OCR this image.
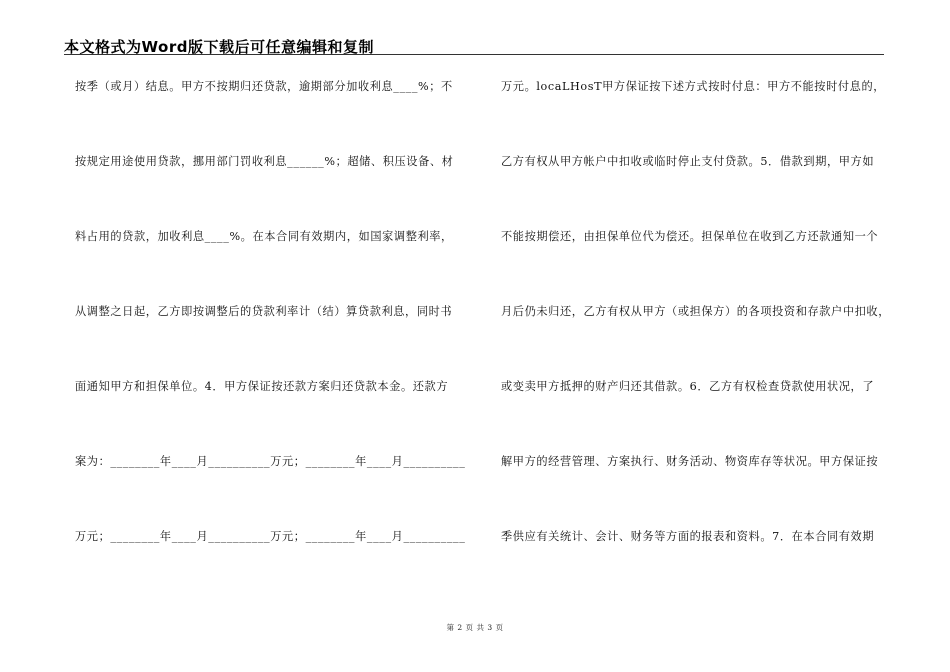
本文格式为Word版下载后可任意编辑和复制
按季（或月）结息。甲方不按期归还贷款，逾期部分加收利息____%；不
按规定用途使用贷款，挪用部门罚收利息______%；超储、积压设备、材
料占用的贷款，加收利息____%。在本合同有效期内，如国家调整利率，
从调整之日起，乙方即按调整后的贷款利率计（结）算贷款利息，同时书
面通知甲方和担保单位。4．甲方保证按还款方案归还贷款本金。还款方
案为：________年____月__________万元；________年____月__________
万元；________年____月__________万元；________年____月__________
万元。locaLHosT甲方保证按下述方式按时付息：甲方不能按时付息的，
乙方有权从甲方帐户中扣收或临时停止支付贷款。5．借款到期，甲方如
不能按期偿还，由担保单位代为偿还。担保单位在收到乙方还款通知一个
月后仍未归还，乙方有权从甲方（或担保方）的各项投资和存款户中扣收，
或变卖甲方抵押的财产归还其借款。6．乙方有权检查贷款使用状况，了
解甲方的经营管理、方案执行、财务活动、物资库存等状况。甲方保证按
季供应有关统计、会计、财务等方面的报表和资料。7．在本合同有效期
第 2 页 共 3 页
